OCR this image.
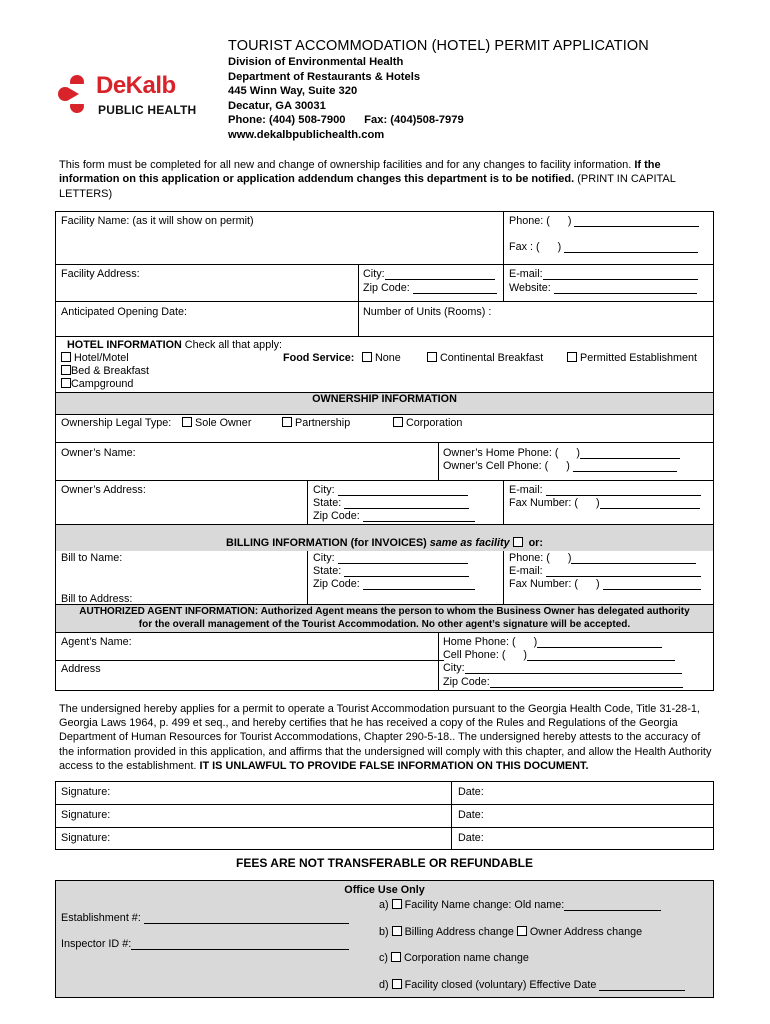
DeKalb
PUBLIC HEALTH
TOURIST ACCOMMODATION (HOTEL) PERMIT APPLICATION
Division of Environmental Health
Department of Restaurants & Hotels
445 Winn Way, Suite 320
Decatur, GA 30031
Phone: (404) 508-7900      Fax: (404)508-7979
www.dekalbpublichealth.com
This form must be completed for all new and change of ownership facilities and for any changes to facility information. If the information on this application or application addendum changes this department is to be notified. (PRINT IN CAPITAL LETTERS)
Facility Name: (as it will show on permit)	Phone: (      )
Fax : (      )
Facility Address:	City:
Zip Code:
E-mail:
Website:
Anticipated Opening Date:	Number of Units (Rooms) :
HOTEL INFORMATION Check all that apply:
Hotel/Motel
Bed & Breakfast
Campground
Food Service:	None	Continental Breakfast	Permitted Establishment
OWNERSHIP INFORMATION
Ownership Legal Type:	Sole Owner	Partnership	Corporation
Owner’s Name:	Owner’s Home Phone: (      )
Owner’s Cell Phone: (      )
Owner’s Address:	City:
State:
Zip Code:
E-mail:
Fax Number: (      )
BILLING INFORMATION (for INVOICES) same as facility   or:
Bill to Name:
Bill to Address:
City:
State:
Zip Code:
Phone: (      )
E-mail:
Fax Number: (      )
AUTHORIZED AGENT INFORMATION: Authorized Agent means the person to whom the Business Owner has delegated authority
for the overall management of the Tourist Accommodation. No other agent’s signature will be accepted.
Agent’s Name:
Address
Home Phone: (      )
Cell Phone: (      )
City:
Zip Code:
The undersigned hereby applies for a permit to operate a Tourist Accommodation pursuant to the Georgia Health Code, Title 31-28-1, Georgia Laws 1964, p. 499 et seq., and hereby certifies that he has received a copy of the Rules and Regulations of the Georgia Department of Human Resources for Tourist Accommodations, Chapter 290-5-18.. The undersigned hereby attests to the accuracy of the information provided in this application, and affirms that the undersigned will comply with this chapter, and allow the Health Authority access to the establishment. IT IS UNLAWFUL TO PROVIDE FALSE INFORMATION ON THIS DOCUMENT.
Signature:	Date:
Signature:	Date:
Signature:	Date:
FEES ARE NOT TRANSFERABLE OR REFUNDABLE
Office Use Only
Establishment #:
Inspector ID #:
a) Facility Name change: Old name:
b) Billing Address change Owner Address change
c) Corporation name change
d) Facility closed (voluntary) Effective Date
